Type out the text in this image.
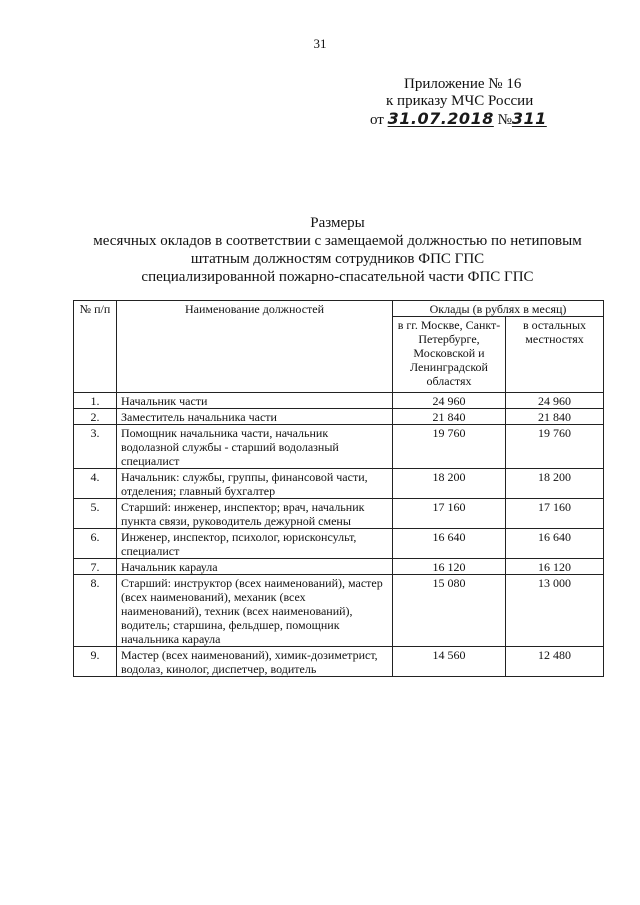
31
Приложение № 16
к приказу МЧС России
от 31.07.2018 №311
Размеры
месячных окладов в соответствии с замещаемой должностью по нетиповым
штатным должностям сотрудников ФПС ГПС
специализированной пожарно-спасательной части ФПС ГПС
№ п/п	Наименование должностей	Оклады (в рублях в месяц)	
		в гг. Москве, Санкт-Петербурге, Московской и Ленинградской областях	в остальных местностях
1.	Начальник части	24 960	24 960
2.	Заместитель начальника части	21 840	21 840
3.	Помощник начальника части, начальник водолазной службы - старший водолазный специалист	19 760	19 760
4.	Начальник: службы, группы, финансовой части, отделения; главный бухгалтер	18 200	18 200
5.	Старший: инженер, инспектор; врач, начальник пункта связи, руководитель дежурной смены	17 160	17 160
6.	Инженер, инспектор, психолог, юрисконсульт, специалист	16 640	16 640
7.	Начальник караула	16 120	16 120
8.	Старший: инструктор (всех наименований), мастер (всех наименований), механик (всех наименований), техник (всех наименований), водитель; старшина, фельдшер, помощник начальника караула	15 080	13 000
9.	Мастер (всех наименований), химик-дозиметрист, водолаз, кинолог, диспетчер, водитель	14 560	12 480
